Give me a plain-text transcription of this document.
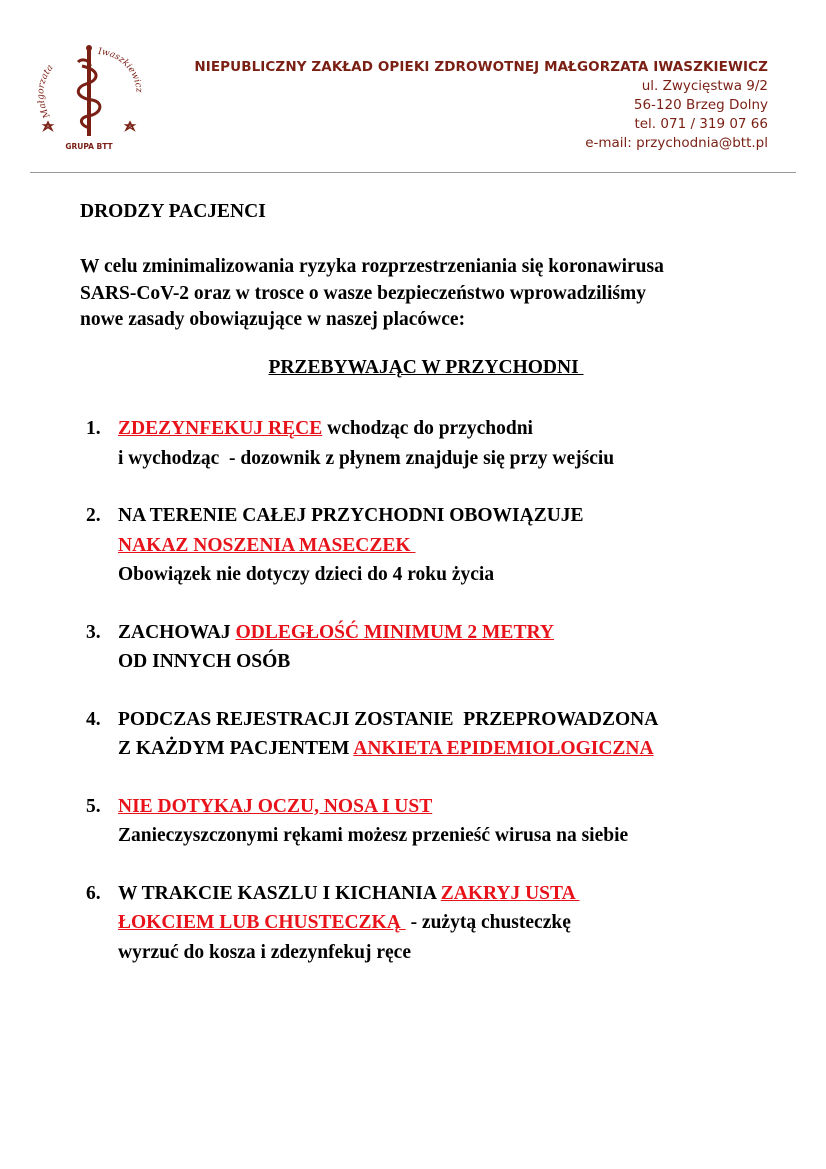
Małgorzata
Iwaszkiewicz
GRUPA BTT
NIEPUBLICZNY ZAKŁAD OPIEKI ZDROWOTNEJ MAŁGORZATA IWASZKIEWICZ
ul. Zwycięstwa 9/2
56-120 Brzeg Dolny
tel. 071 / 319 07 66
e-mail: przychodnia@btt.pl
DRODZY PACJENCI
W celu zminimalizowania ryzyka rozprzestrzeniania się koronawirusa
SARS-CoV-2 oraz w trosce o wasze bezpieczeństwo wprowadziliśmy
nowe zasady obowiązujące w naszej placówce:
PRZEBYWAJĄC W PRZYCHODNI
1. ZDEZYNFEKUJ RĘCE wchodząc do przychodni
i wychodząc  - dozownik z płynem znajduje się przy wejściu
2. NA TERENIE CAŁEJ PRZYCHODNI OBOWIĄZUJE
NAKAZ NOSZENIA MASECZEK
Obowiązek nie dotyczy dzieci do 4 roku życia
3. ZACHOWAJ ODLEGŁOŚĆ MINIMUM 2 METRY
OD INNYCH OSÓB
4. PODCZAS REJESTRACJI ZOSTANIE  PRZEPROWADZONA
Z KAŻDYM PACJENTEM ANKIETA EPIDEMIOLOGICZNA
5. NIE DOTYKAJ OCZU, NOSA I UST
Zanieczyszczonymi rękami możesz przenieść wirusa na siebie
6. W TRAKCIE KASZLU I KICHANIA ZAKRYJ USTA
ŁOKCIEM LUB CHUSTECZKĄ  - zużytą chusteczkę
wyrzuć do kosza i zdezynfekuj ręce
